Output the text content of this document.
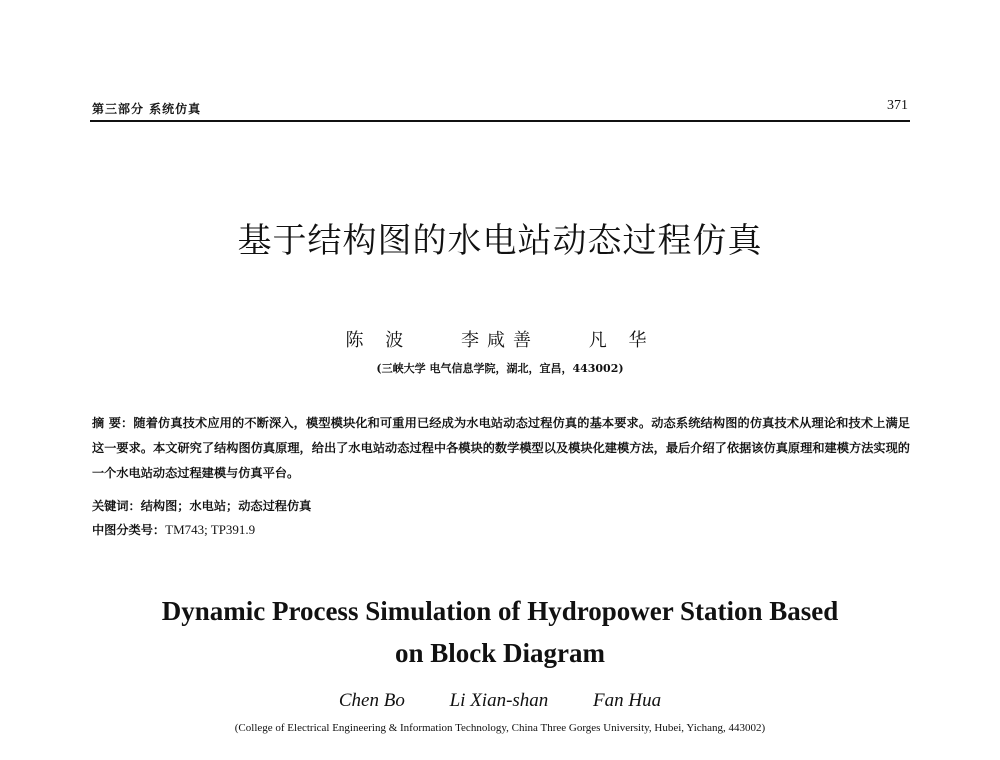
第三部分 系统仿真	371
基于结构图的水电站动态过程仿真
陈 波	李咸善	凡 华
(三峡大学 电气信息学院，湖北，宜昌，443002)
摘 要：随着仿真技术应用的不断深入，模型模块化和可重用已经成为水电站动态过程仿真的基本要求。动态系统结构图的仿真技术从理论和技术上满足这一要求。本文研究了结构图仿真原理，给出了水电站动态过程中各模块的数学模型以及模块化建模方法，最后介绍了依据该仿真原理和建模方法实现的一个水电站动态过程建模与仿真平台。
关键词：结构图；水电站；动态过程仿真
中图分类号：TM743; TP391.9
Dynamic Process Simulation of Hydropower Station Based
on Block Diagram
Chen Bo Li Xian-shan Fan Hua
(College of Electrical Engineering & Information Technology, China Three Gorges University, Hubei, Yichang, 443002)
